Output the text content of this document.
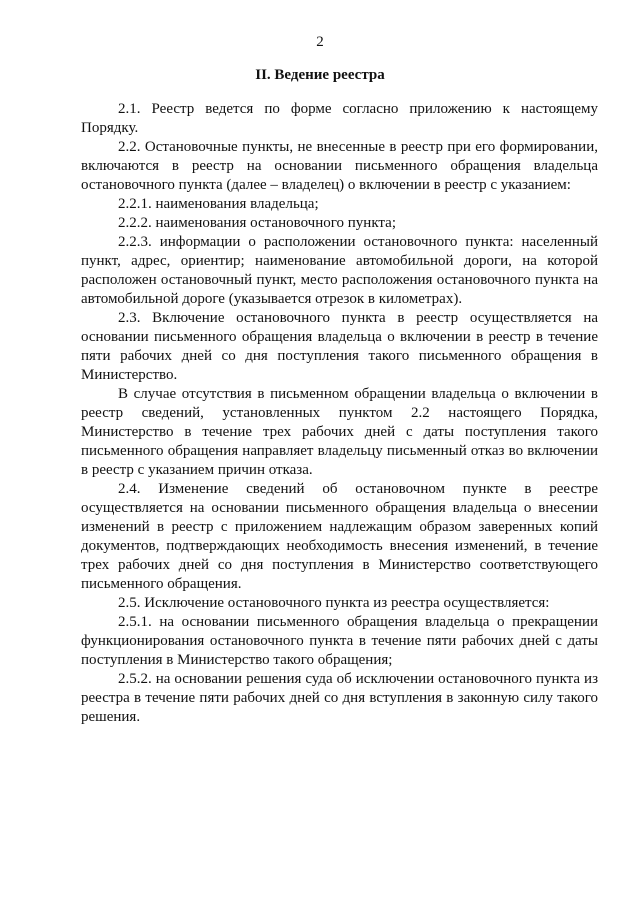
2
II. Ведение реестра

2.1. Реестр ведется по форме согласно приложению к настоящему Порядку.

2.2. Остановочные пункты, не внесенные в реестр при его формировании, включаются в реестр на основании письменного обращения владельца остановочного пункта (далее – владелец) о включении в реестр с указанием:

2.2.1. наименования владельца;

2.2.2. наименования остановочного пункта;

2.2.3. информации о расположении остановочного пункта: населенный пункт, адрес, ориентир; наименование автомобильной дороги, на которой расположен остановочный пункт, место расположения остановочного пункта на автомобильной дороге (указывается отрезок в километрах).

2.3. Включение остановочного пункта в реестр осуществляется на основании письменного обращения владельца о включении в реестр в течение пяти рабочих дней со дня поступления такого письменного обращения в Министерство.

В случае отсутствия в письменном обращении владельца о включении в реестр сведений, установленных пунктом 2.2 настоящего Порядка, Министерство в течение трех рабочих дней с даты поступления такого письменного обращения направляет владельцу письменный отказ во включении в реестр с указанием причин отказа.

2.4. Изменение сведений об остановочном пункте в реестре осуществляется на основании письменного обращения владельца о внесении изменений в реестр с приложением надлежащим образом заверенных копий документов, подтверждающих необходимость внесения изменений, в течение трех рабочих дней со дня поступления в Министерство соответствующего письменного обращения.

2.5. Исключение остановочного пункта из реестра осуществляется:

2.5.1. на основании письменного обращения владельца о прекращении функционирования остановочного пункта в течение пяти рабочих дней с даты поступления в Министерство такого обращения;

2.5.2. на основании решения суда об исключении остановочного пункта из реестра в течение пяти рабочих дней со дня вступления в законную силу такого решения.
